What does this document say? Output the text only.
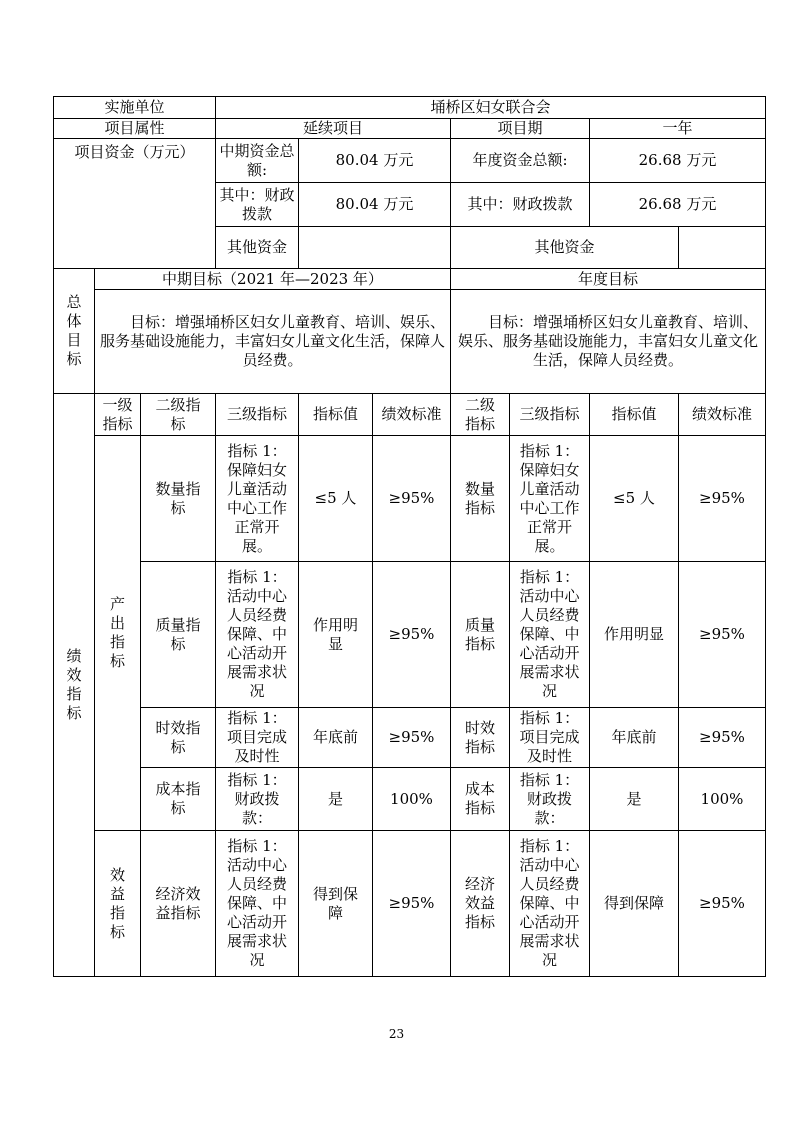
实施单位			埇桥区妇女联合会						
项目属性			延续项目			项目期		一年	
项目资金（万元）			中期资金总额:	80.04 万元		年度资金总额:		26.68 万元	
			其中：财政拨款	80.04 万元		其中：财政拨款		26.68 万元	
			其他资金			其他资金			
总体目标	中期目标（2021 年—2023 年）					年度目标			
	目标：增强埇桥区妇女儿童教育、培训、娱乐、服务基础设施能力，丰富妇女儿童文化生活，保障人员经费。					目标：增强埇桥区妇女儿童教育、培训、娱乐、服务基础设施能力，丰富妇女儿童文化生活，保障人员经费。			
绩效指标	一级指标	二级指标	三级指标	指标值	绩效标准	二级指标	三级指标	指标值	绩效标准
	产出指标	数量指标	指标 1：保障妇女儿童活动中心工作正常开展。	≤5 人	≥95%	数量指标	指标 1：保障妇女儿童活动中心工作正常开展。	≤5 人	≥95%
		质量指标	指标 1：活动中心人员经费保障、中心活动开展需求状况	作用明显	≥95%	质量指标	指标 1：活动中心人员经费保障、中心活动开展需求状况	作用明显	≥95%
		时效指标	指标 1：项目完成及时性	年底前	≥95%	时效指标	指标 1：项目完成及时性	年底前	≥95%
		成本指标	指标 1：财政拨款：	是	100%	成本指标	指标 1：财政拨款：	是	100%
	效益指标	经济效益指标	指标 1：活动中心人员经费保障、中心活动开展需求状况	得到保障	≥95%	经济效益指标	指标 1：活动中心人员经费保障、中心活动开展需求状况	得到保障	≥95%
23
